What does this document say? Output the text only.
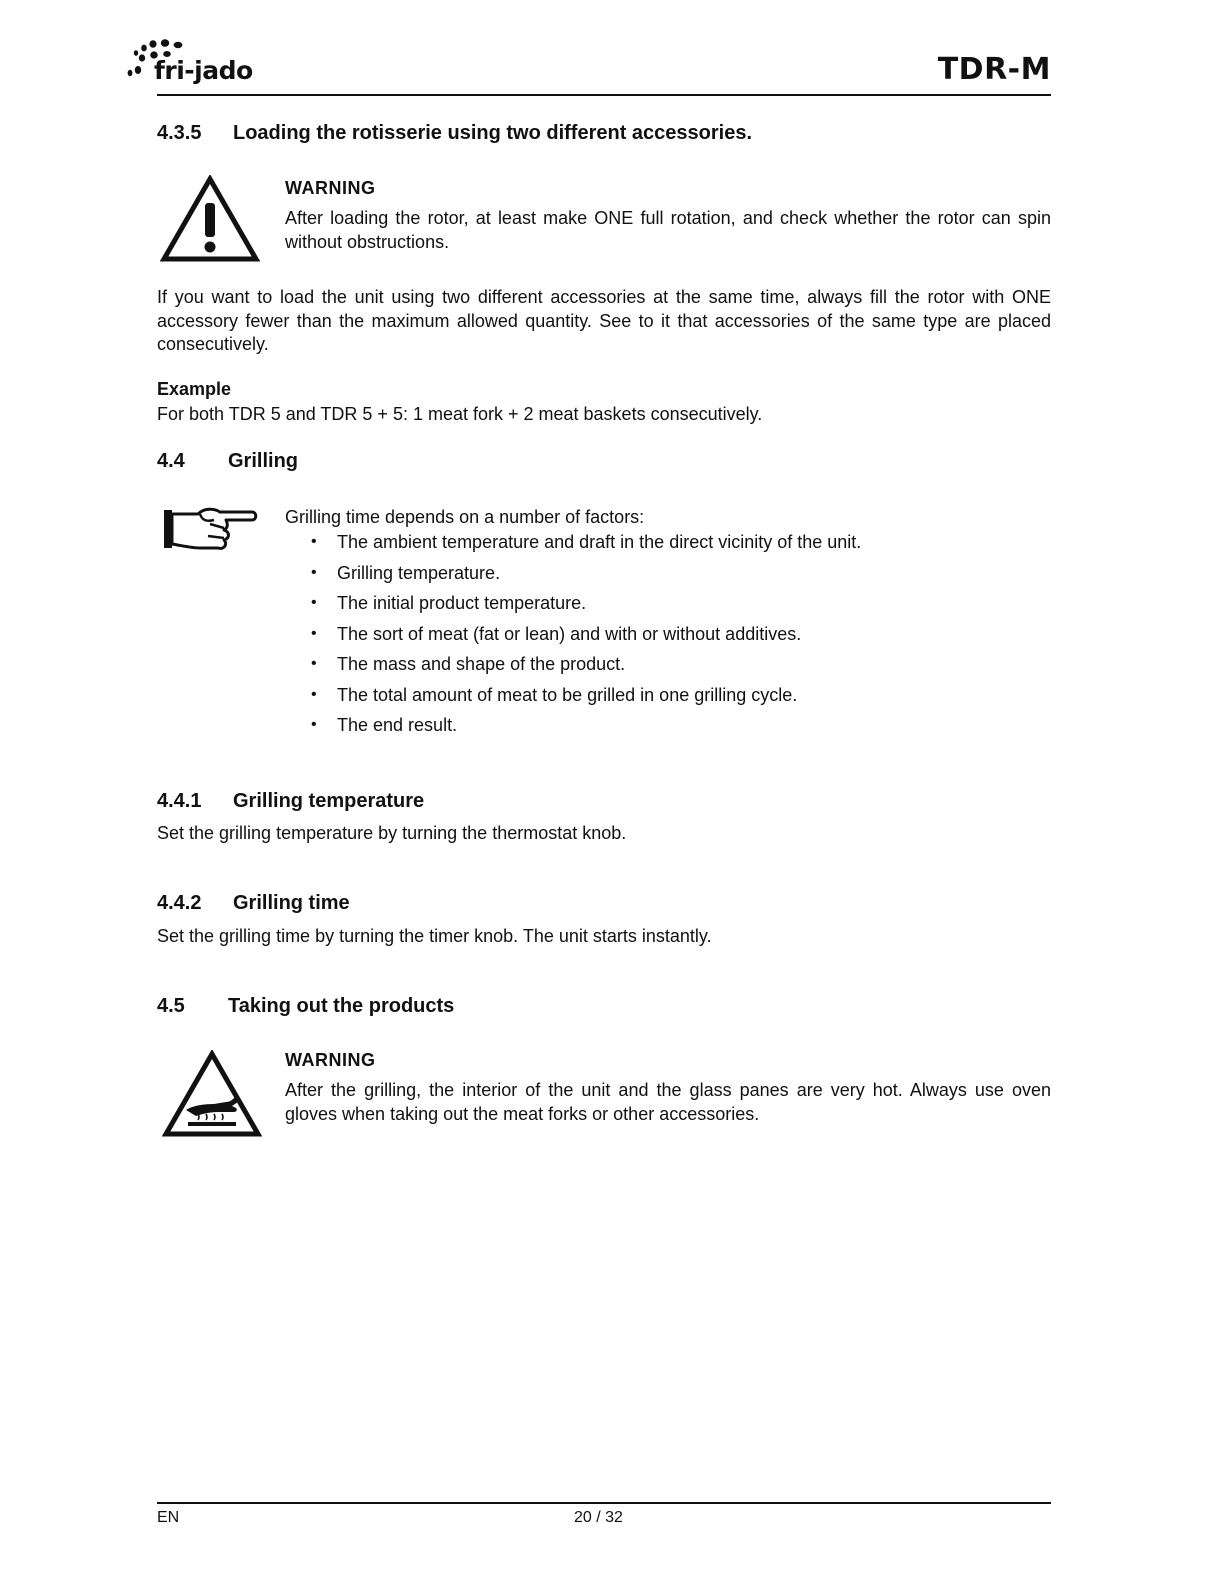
fri-jado	TDR-M
4.3.5 Loading the rotisserie using two different accessories.
WARNING
After loading the rotor, at least make ONE full rotation, and check whether the rotor can spin without obstructions.
If you want to load the unit using two different accessories at the same time, always fill the rotor with ONE accessory fewer than the maximum allowed quantity. See to it that accessories of the same type are placed consecutively.
Example
For both TDR 5 and TDR 5 + 5: 1 meat fork + 2 meat baskets consecutively.
4.4 Grilling
Grilling time depends on a number of factors:
• The ambient temperature and draft in the direct vicinity of the unit.
• Grilling temperature.
• The initial product temperature.
• The sort of meat (fat or lean) and with or without additives.
• The mass and shape of the product.
• The total amount of meat to be grilled in one grilling cycle.
• The end result.
4.4.1 Grilling temperature
Set the grilling temperature by turning the thermostat knob.
4.4.2 Grilling time
Set the grilling time by turning the timer knob. The unit starts instantly.
4.5 Taking out the products
WARNING
After the grilling, the interior of the unit and the glass panes are very hot. Always use oven gloves when taking out the meat forks or other accessories.
EN	20 / 32
